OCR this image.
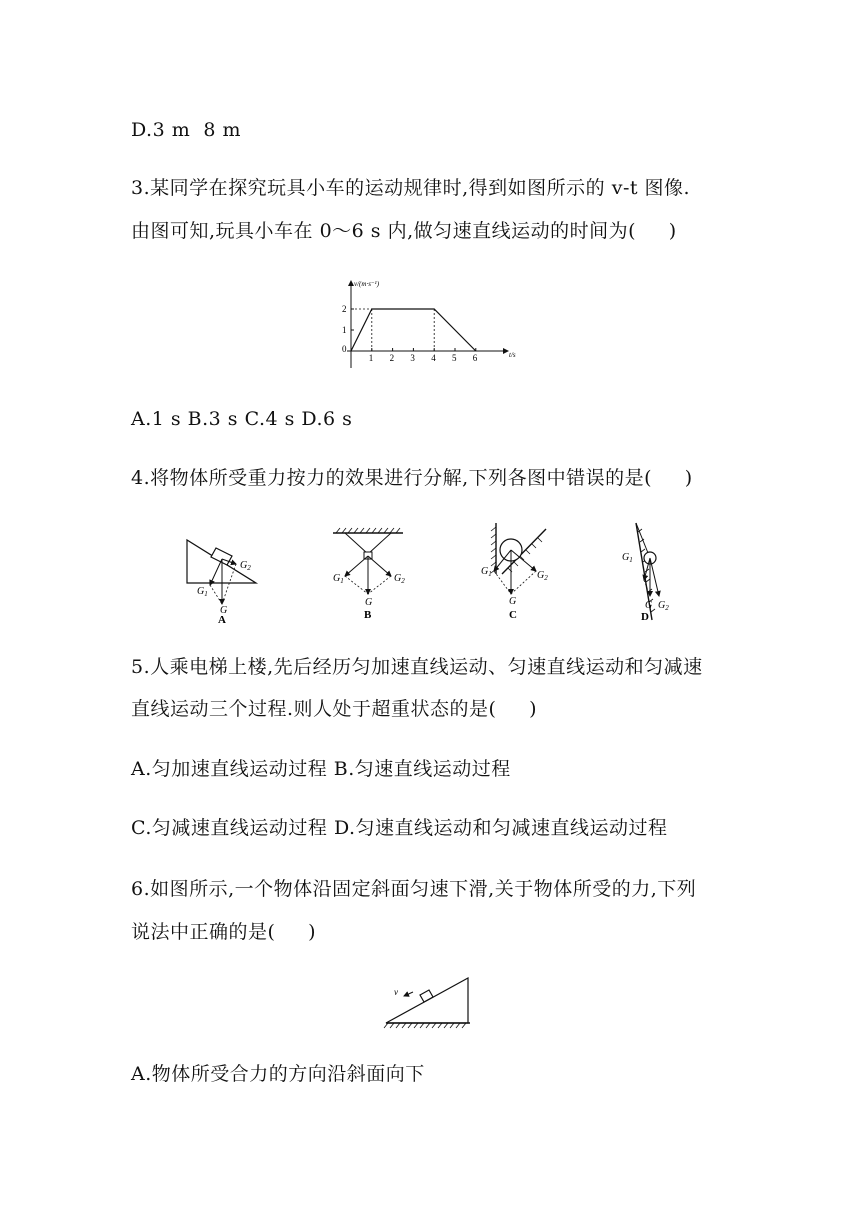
D.3 m  8 m
3.某同学在探究玩具小车的运动规律时,得到如图所示的 v-t 图像.
由图可知,玩具小车在 0～6 s 内,做匀速直线运动的时间为(     )
0
1 2 3 4 5 6
1
2
v/(m·s⁻¹)
t/s
A.1 s B.3 s C.4 s D.6 s
4.将物体所受重力按力的效果进行分解,下列各图中错误的是(     )
$G_1$
$G_2$
G
A
$G_1$	$G_2$
G
B
$G_1$	$G_2$
G
C
$G_1$
G $G_2$
D
5.人乘电梯上楼,先后经历匀加速直线运动、匀速直线运动和匀减速
直线运动三个过程.则人处于超重状态的是(     )
A.匀加速直线运动过程 B.匀速直线运动过程
C.匀减速直线运动过程 D.匀速直线运动和匀减速直线运动过程
6.如图所示,一个物体沿固定斜面匀速下滑,关于物体所受的力,下列
说法中正确的是(     )
v
A.物体所受合力的方向沿斜面向下
